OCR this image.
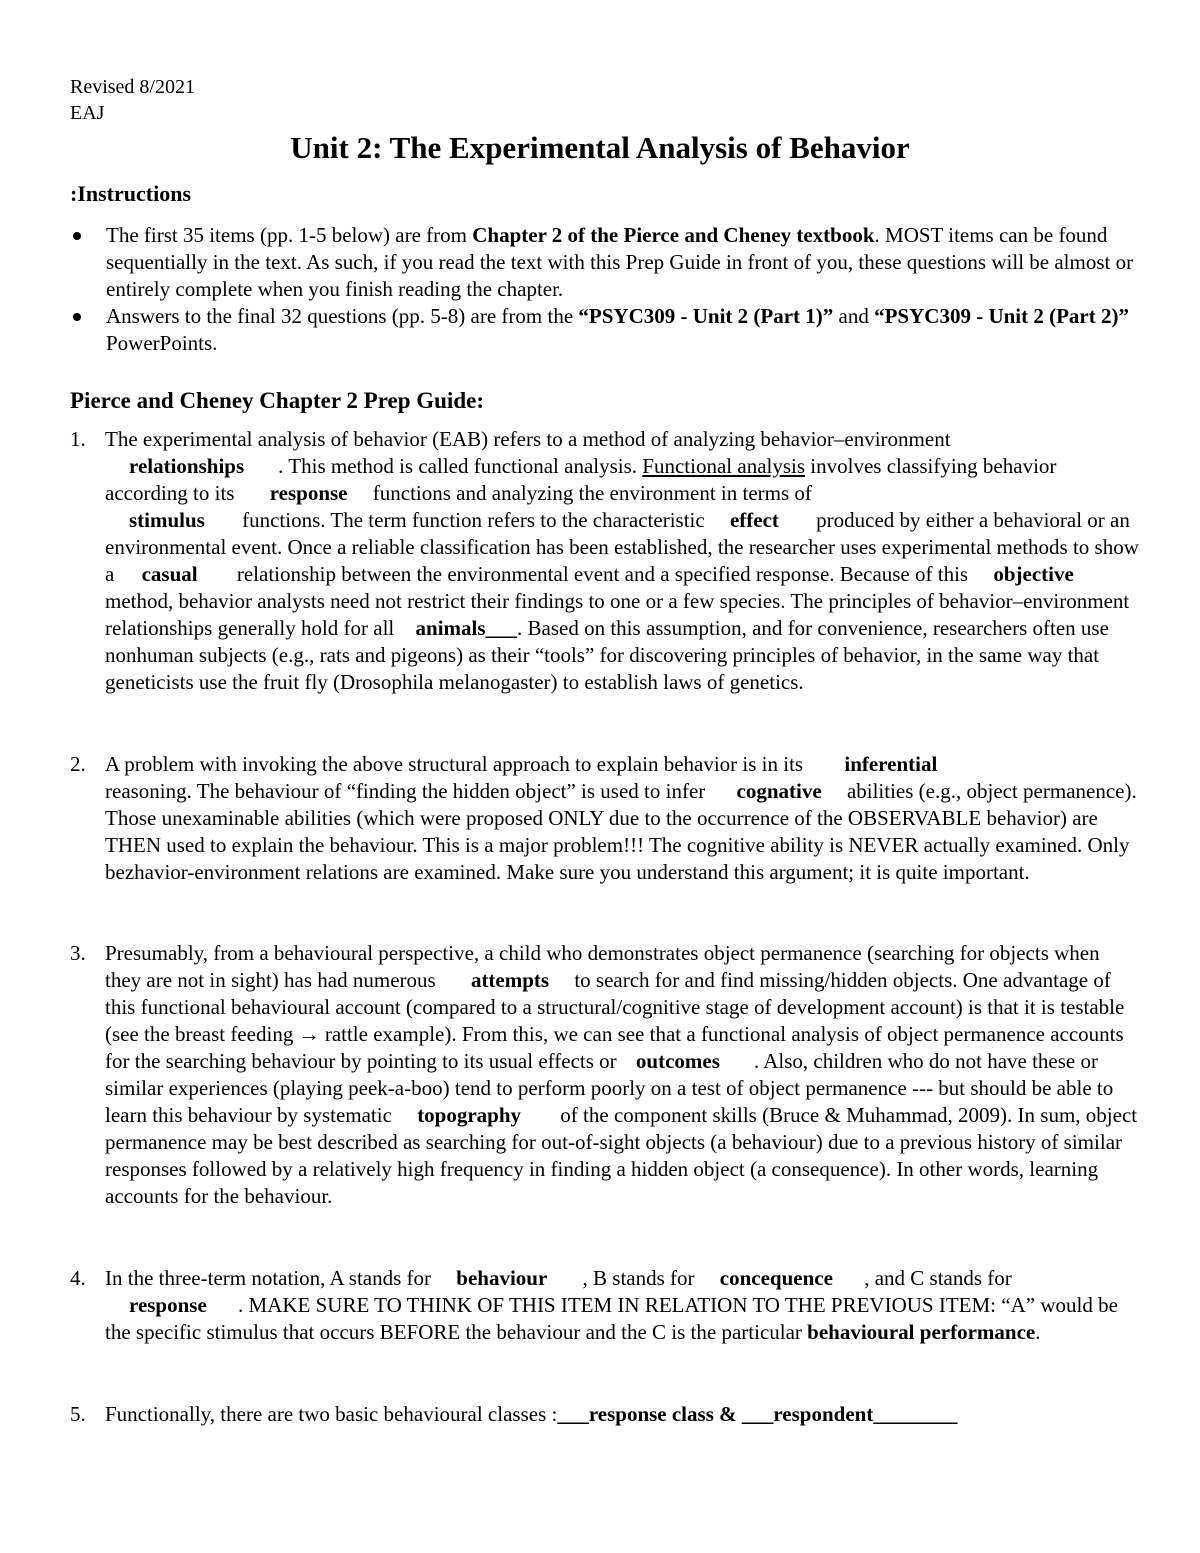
Revised 8/2021
EAJ
Unit 2: The Experimental Analysis of Behavior
:Instructions
The first 35 items (pp. 1-5 below) are from Chapter 2 of the Pierce and Cheney textbook. MOST items can be found sequentially in the text. As such, if you read the text with this Prep Guide in front of you, these questions will be almost or entirely complete when you finish reading the chapter.
Answers to the final 32 questions (pp. 5-8) are from the “PSYC309 - Unit 2 (Part 1)” and “PSYC309 - Unit 2 (Part 2)” PowerPoints.
Pierce and Cheney Chapter 2 Prep Guide:
1. The experimental analysis of behavior (EAB) refers to a method of analyzing behavior–environment
relationships . This method is called functional analysis. Functional analysis involves classifying behavior according to its response functions and analyzing the environment in terms of
stimulus functions. The term function refers to the characteristic effect produced by either a behavioral or an environmental event. Once a reliable classification has been established, the researcher uses experimental methods to show a casual relationship between the environmental event and a specified response. Because of this objective method, behavior analysts need not restrict their findings to one or a few species. The principles of behavior–environment relationships generally hold for all animals___. Based on this assumption, and for convenience, researchers often use nonhuman subjects (e.g., rats and pigeons) as their “tools” for discovering principles of behavior, in the same way that geneticists use the fruit fly (Drosophila melanogaster) to establish laws of genetics.
2. A problem with invoking the above structural approach to explain behavior is in its inferential
reasoning. The behaviour of “finding the hidden object” is used to infer cognative abilities (e.g., object permanence). Those unexaminable abilities (which were proposed ONLY due to the occurrence of the OBSERVABLE behavior) are THEN used to explain the behaviour. This is a major problem!!! The cognitive ability is NEVER actually examined. Only bezhavior-environment relations are examined. Make sure you understand this argument; it is quite important.
3. Presumably, from a behavioural perspective, a child who demonstrates object permanence (searching for objects when they are not in sight) has had numerous attempts to search for and find missing/hidden objects. One advantage of this functional behavioural account (compared to a structural/cognitive stage of development account) is that it is testable (see the breast feeding → rattle example). From this, we can see that a functional analysis of object permanence accounts for the searching behaviour by pointing to its usual effects or outcomes . Also, children who do not have these or similar experiences (playing peek-a-boo) tend to perform poorly on a test of object permanence --- but should be able to learn this behaviour by systematic topography of the component skills (Bruce & Muhammad, 2009). In sum, object permanence may be best described as searching for out-of-sight objects (a behaviour) due to a previous history of similar responses followed by a relatively high frequency in finding a hidden object (a consequence). In other words, learning accounts for the behaviour.
4. In the three-term notation, A stands for behaviour , B stands for concequence , and C stands for
response . MAKE SURE TO THINK OF THIS ITEM IN RELATION TO THE PREVIOUS ITEM: “A” would be the specific stimulus that occurs BEFORE the behaviour and the C is the particular behavioural performance.
5. Functionally, there are two basic behavioural classes :___response class & ___respondent________
